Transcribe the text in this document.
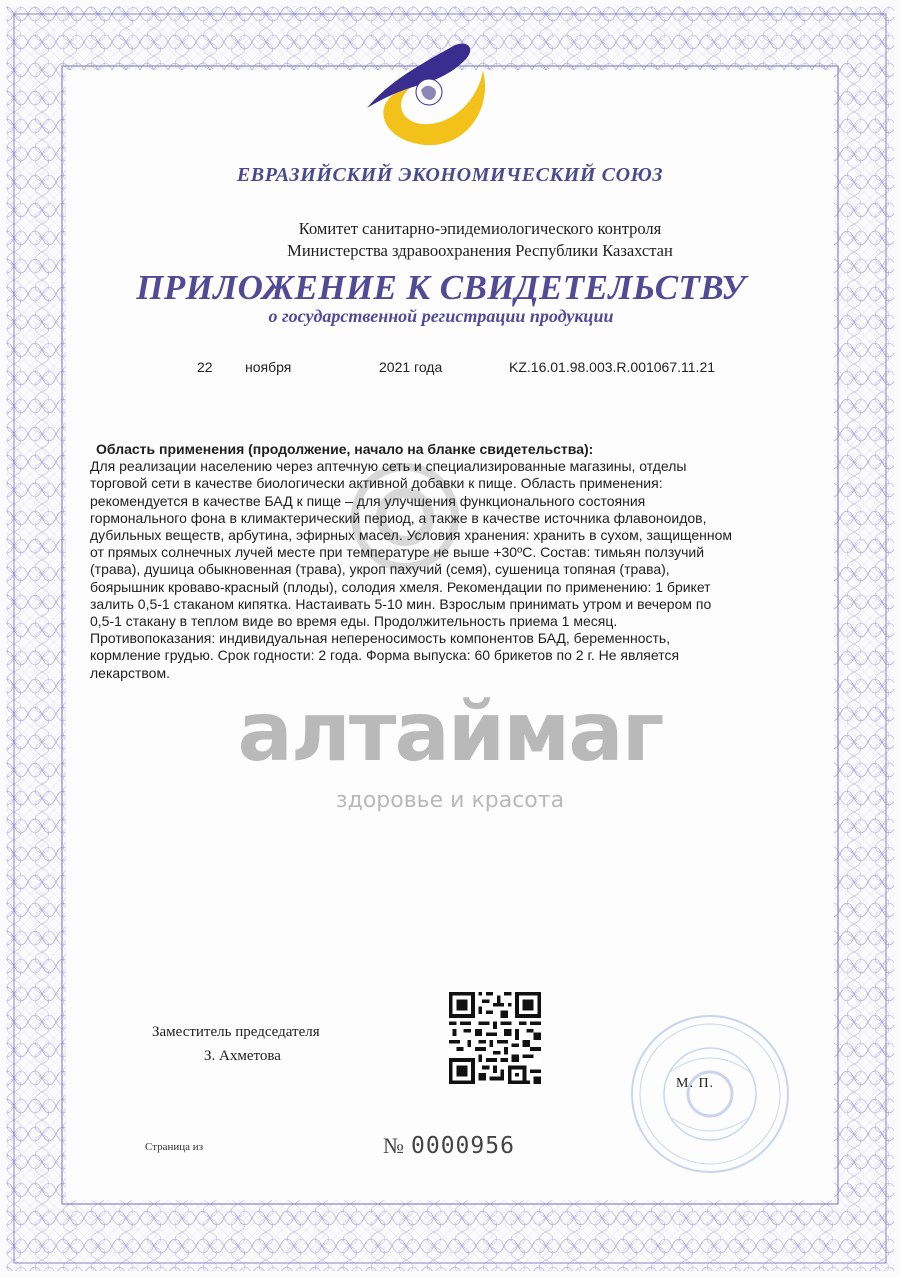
ЕВРАЗИЙСКИЙ ЭКОНОМИЧЕСКИЙ СОЮЗ
Комитет санитарно-эпидемиологического контроля
Министерства здравоохранения Республики Казахстан
ПРИЛОЖЕНИЕ К СВИДЕТЕЛЬСТВУ
о государственной регистрации продукции
22 ноября	2021 года	KZ.16.01.98.003.R.001067.11.21
Область применения (продолжение, начало на бланке свидетельства):
Для реализации населению через аптечную сеть и специализированные магазины, отделы
торговой сети в качестве биологически активной добавки к пище. Область применения:
рекомендуется в качестве БАД к пище – для улучшения функционального состояния
гормонального фона в климактерический период, а также в качестве источника флавоноидов,
дубильных веществ, арбутина, эфирных масел. Условия хранения: хранить в сухом, защищенном
от прямых солнечных лучей месте при температуре не выше +30ºС. Состав: тимьян ползучий
(трава), душица обыкновенная (трава), укроп пахучий (семя), сушеница топяная (трава),
боярышник кроваво-красный (плоды), солодия хмеля. Рекомендации по применению: 1 брикет
залить 0,5-1 стаканом кипятка. Настаивать 5-10 мин. Взрослым принимать утром и вечером по
0,5-1 стакану в теплом виде во время еды. Продолжительность приема 1 месяц.
Противопоказания: индивидуальная непереносимость компонентов БАД, беременность,
кормление грудью. Срок годности: 2 года. Форма выпуска: 60 брикетов по 2 г. Не является
лекарством.
алтаймаг
здоровье и красота
Заместитель председателя
З. Ахметова
М. П.
Страница из	№ 0000956
